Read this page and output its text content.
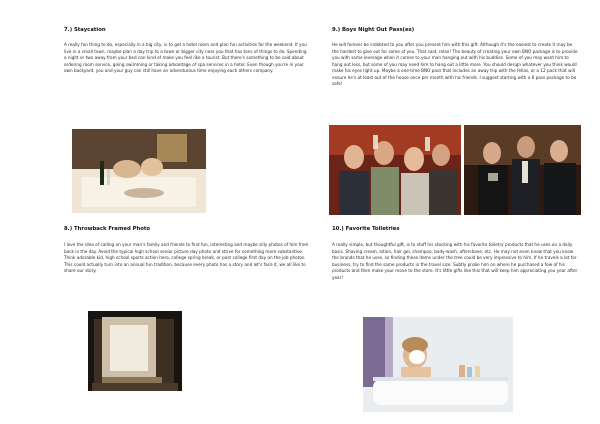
7.) Staycation

A really fun thing to do, especially in a big city, is to get a hotel room and plan fun activities for the weekend. If you live in a small town, maybe plan a day trip to a town or bigger city near you that has tons of things to do. Spending a night or two away from your bed can kind of make you feel like a tourist. But there's something to be said about ordering room service, going swimming or taking advantage of spa services in a hotel. Even though you're in your own backyard, you and your guy can still have an adventurous time enjoying each others company.

8.) Throwback Framed Photo

I love the idea of calling on your man's family and friends to find fun, interesting and maybe silly photos of him from back in the day. Avoid the typical high school senior picture day photo and strive for something more substantive. Think adorable kid, high school sports action hero, college spring break, or post college first day on the job photos. This could actually turn into an annual fun tradition, because every photo has a story and let's face it, we all like to share our story.

9.) Boys Night Out Pass(es)

He will forever be indebted to you after you present him with this gift. Although it's the easiest to create it may be the hardest to give out for some of you. That said, relax! The beauty of creating your own BNO package is to provide you with some leverage when it comes to your man hanging out with his buddies. Some of you may want him to hang out less, but some of you may need him to hang out a little more. You should design whatever you think would make his eyes light up. Maybe a one-time BNO pass that includes an away trip with the fellas, or a 12 pack that will ensure he's at least out of the house once per month with his friends. I suggest starting with a 6 pass package to be safe!

10.) Favorite Toiletries

A really simple, but thoughtful gift, is to stuff his stocking with his favorite toiletry products that he uses on a daily basis. Shaving cream, lotion, hair gel, shampoo, body-wash, aftershave, etc. He may not even know that you know the brands that he uses, so finding these items under the tree could be very impressive to him. If he travels a lot for business, try to find the same products in the travel size. Subtly probe him on where he purchased a few of his products and then make your move to the store. It's little gifts like this that will keep him appreciating you year after year!
